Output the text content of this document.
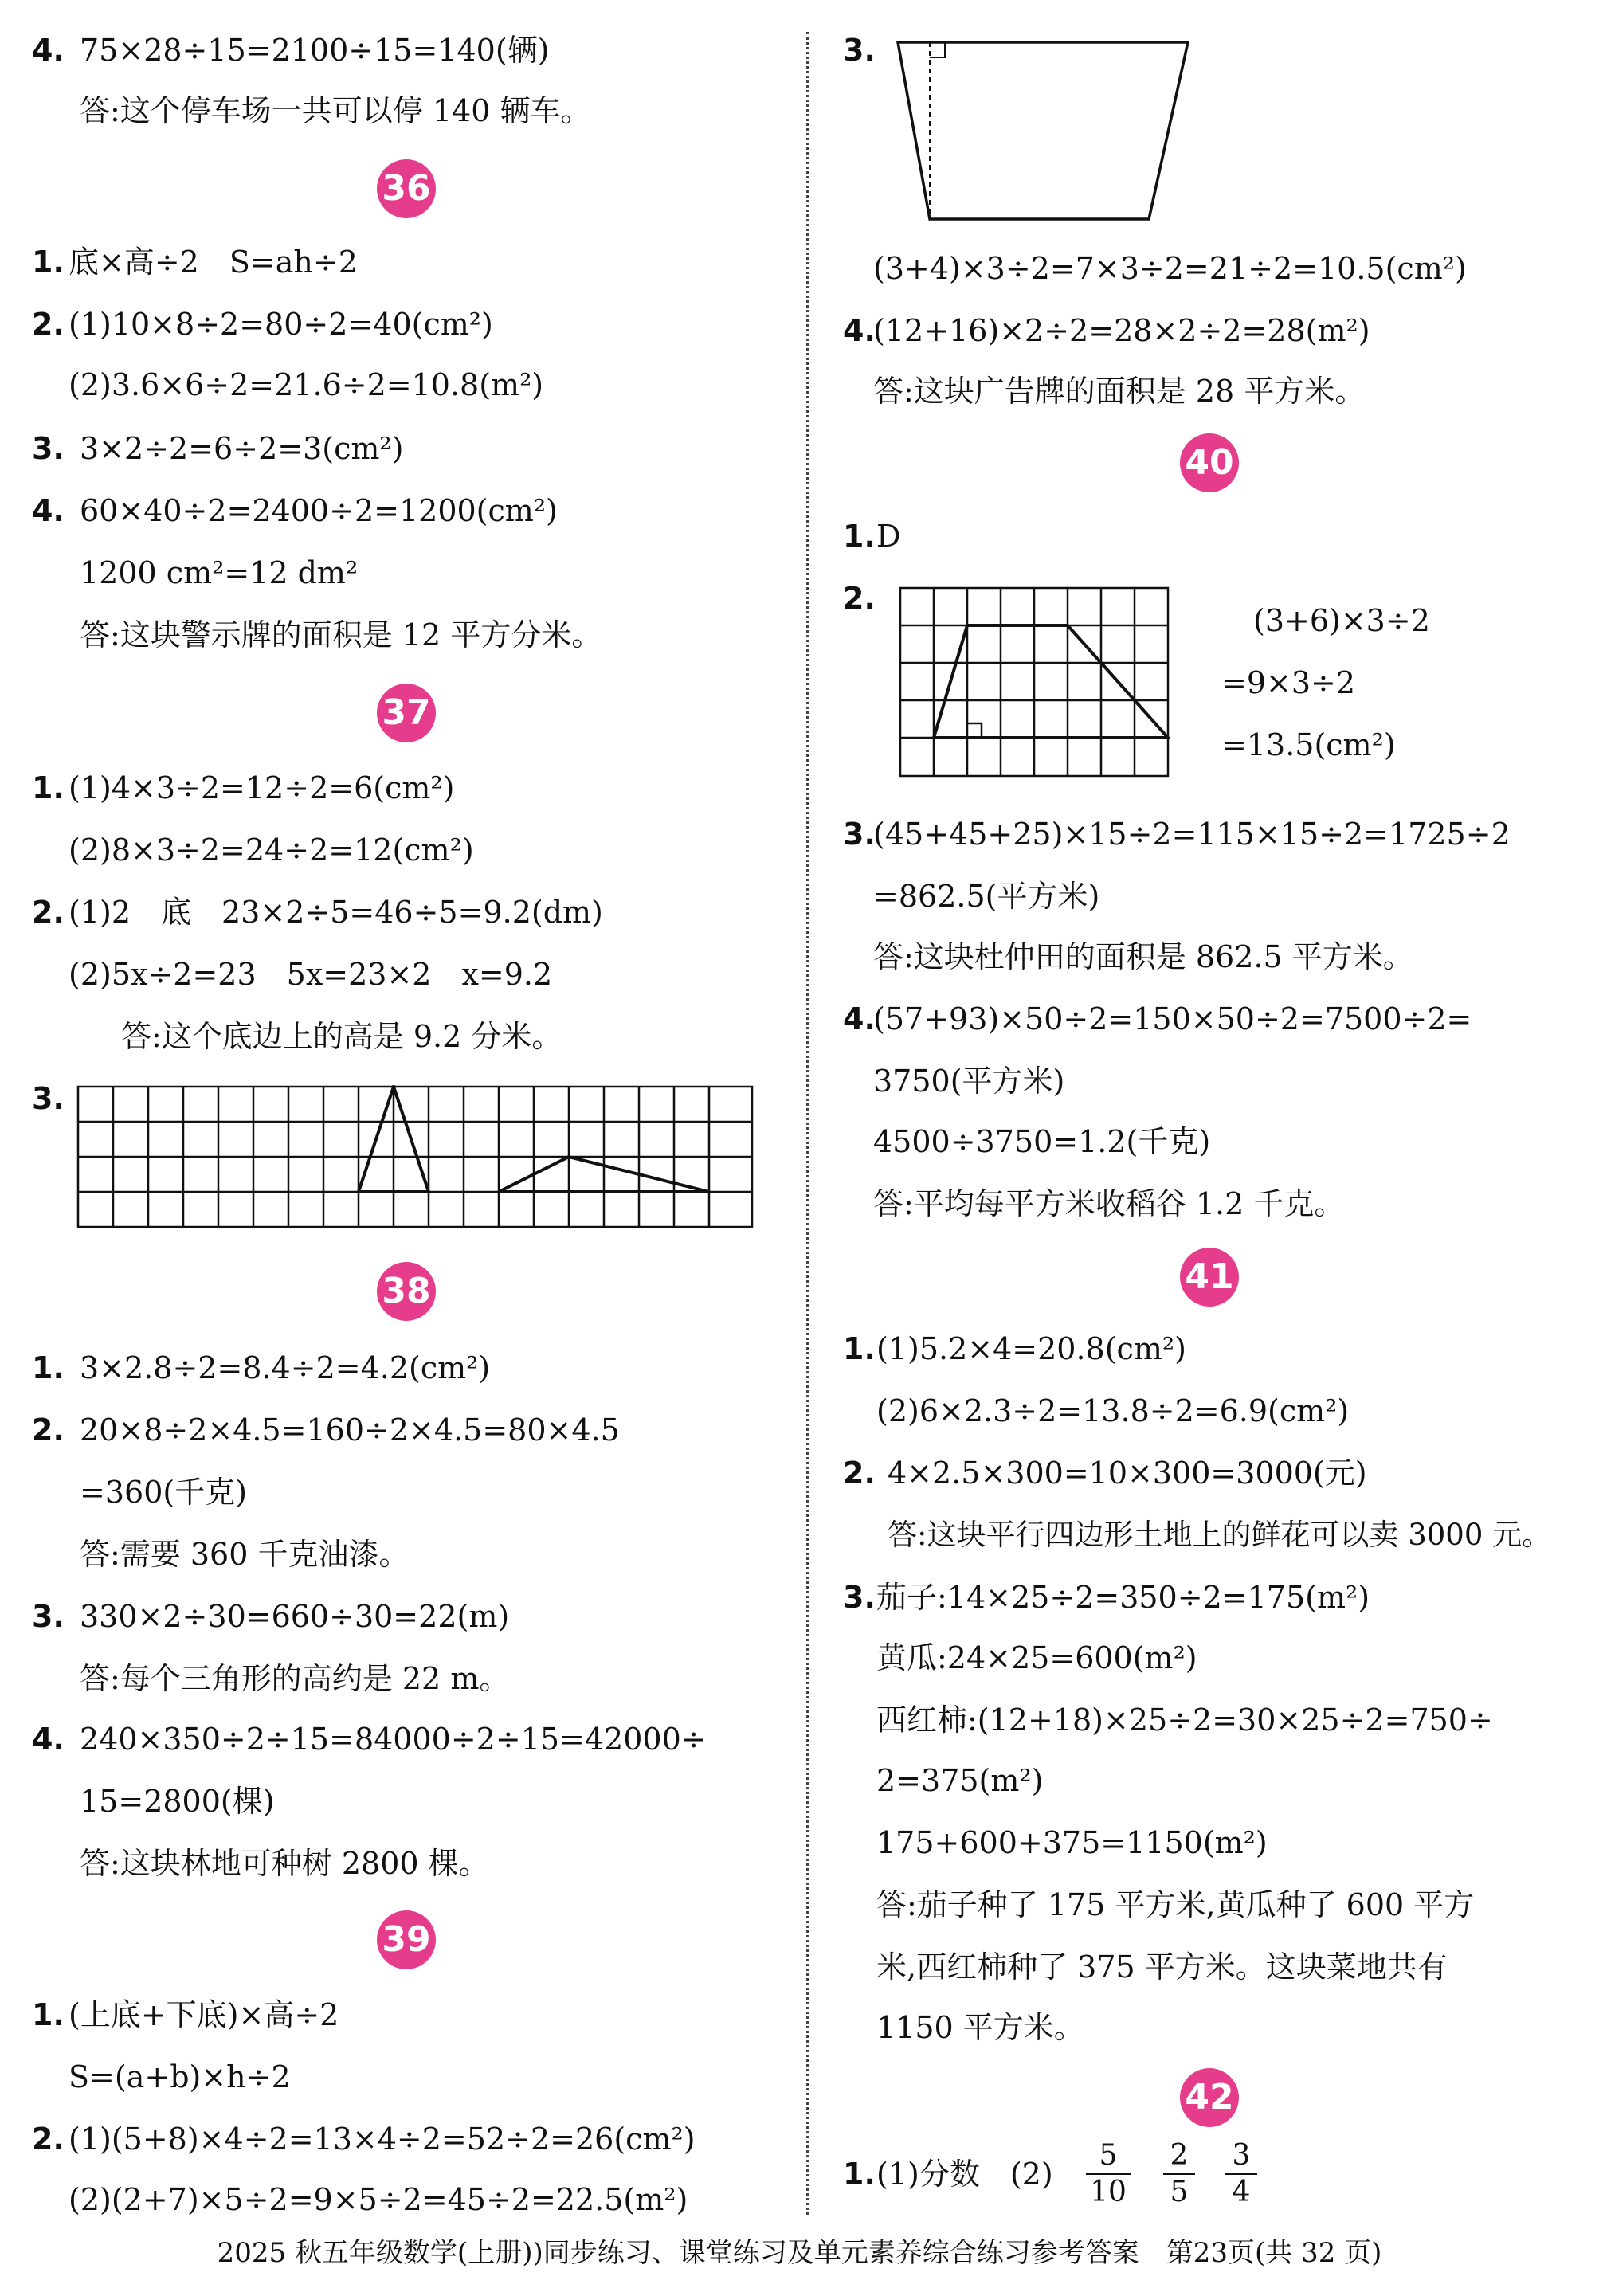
4. 75×28÷15=2100÷15=140(辆)
答:这个停车场一共可以停 140 辆车。
36
1. 底×高÷2　S=ah÷2
2. (1)10×8÷2=80÷2=40(cm²)
(2)3.6×6÷2=21.6÷2=10.8(m²)
3. 3×2÷2=6÷2=3(cm²)
4. 60×40÷2=2400÷2=1200(cm²)
1200 cm²=12 dm²
答:这块警示牌的面积是 12 平方分米。
37
1. (1)4×3÷2=12÷2=6(cm²)
(2)8×3÷2=24÷2=12(cm²)
2. (1)2　底　23×2÷5=46÷5=9.2(dm)
(2)5x÷2=23　5x=23×2　x=9.2
答:这个底边上的高是 9.2 分米。
3.
38
1. 3×2.8÷2=8.4÷2=4.2(cm²)
2. 20×8÷2×4.5=160÷2×4.5=80×4.5
=360(千克)
答:需要 360 千克油漆。
3. 330×2÷30=660÷30=22(m)
答:每个三角形的高约是 22 m。
4. 240×350÷2÷15=84000÷2÷15=42000÷
15=2800(棵)
答:这块林地可种树 2800 棵。
39
1. (上底+下底)×高÷2
S=(a+b)×h÷2
2. (1)(5+8)×4÷2=13×4÷2=52÷2=26(cm²)
(2)(2+7)×5÷2=9×5÷2=45÷2=22.5(m²)
3.
(3+4)×3÷2=7×3÷2=21÷2=10.5(cm²)
4.
(12+16)×2÷2=28×2÷2=28(m²)
答:这块广告牌的面积是 28 平方米。
40
1. D
2.
(3+6)×3÷2
=9×3÷2
=13.5(cm²)
3.
(45+45+25)×15÷2=115×15÷2=1725÷2
=862.5(平方米)
答:这块杜仲田的面积是 862.5 平方米。
4.
(57+93)×50÷2=150×50÷2=7500÷2=
3750(平方米)
4500÷3750=1.2(千克)
答:平均每平方米收稻谷 1.2 千克。
41
1. (1)5.2×4=20.8(cm²)
(2)6×2.3÷2=13.8÷2=6.9(cm²)
2. 4×2.5×300=10×300=3000(元)
答:这块平行四边形土地上的鲜花可以卖 3000 元。
3. 茄子:14×25÷2=350÷2=175(m²)
黄瓜:24×25=600(m²)
西红柿:(12+18)×25÷2=30×25÷2=750÷
2=375(m²)
175+600+375=1150(m²)
答:茄子种了 175 平方米,黄瓜种了 600 平方
米,西红柿种了 375 平方米。这块菜地共有
1150 平方米。
42
1. (1)分数　(2)
5
10
2
5
3
4
2025 秋五年级数学(上册))同步练习、课堂练习及单元素养综合练习参考答案　第23页(共 32 页)
